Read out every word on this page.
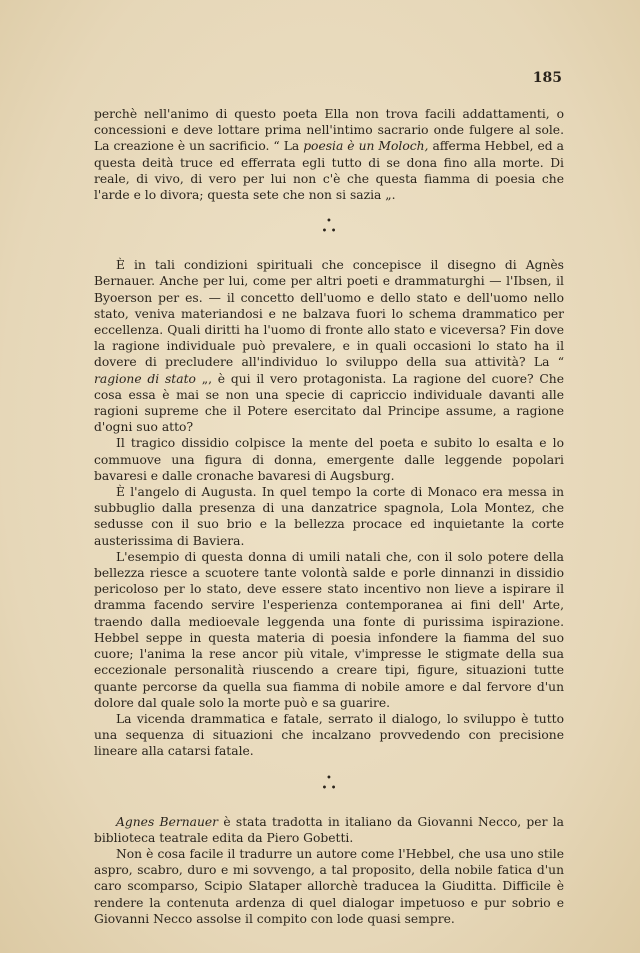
185

perchè nell'animo di questo poeta Ella non trova facili addattamenti, o concessioni e deve lottare prima nell'intimo sacrario onde fulgere al sole. La creazione è un sacrificio. “ La poesia è un Moloch, afferma Hebbel, ed a questa deità truce ed efferrata egli tutto di se dona fino alla morte. Di reale, di vivo, di vero per lui non c'è che questa fiamma di poesia che l'arde e lo divora; questa sete che non si sazia „.

•
• •

È in tali condizioni spirituali che concepisce il disegno di Agnès Bernauer. Anche per lui, come per altri poeti e drammaturghi — l'Ibsen, il Byoerson per es. — il concetto dell'uomo e dello stato e dell'uomo nello stato, veniva materiandosi e ne balzava fuori lo schema drammatico per eccellenza. Quali diritti ha l'uomo di fronte allo stato e viceversa? Fin dove la ragione individuale può prevalere, e in quali occasioni lo stato ha il dovere di precludere all'individuo lo sviluppo della sua attività? La “ ragione di stato „, è qui il vero protagonista. La ragione del cuore? Che cosa essa è mai se non una specie di capriccio individuale davanti alle ragioni supreme che il Potere esercitato dal Principe assume, a ragione d'ogni suo atto?

Il tragico dissidio colpisce la mente del poeta e subito lo esalta e lo commuove una figura di donna, emergente dalle leggende popolari bavaresi e dalle cronache bavaresi di Augsburg.

È l'angelo di Augusta. In quel tempo la corte di Monaco era messa in subbuglio dalla presenza di una danzatrice spagnola, Lola Montez, che sedusse con il suo brio e la bellezza procace ed inquietante la corte austerissima di Baviera.

L'esempio di questa donna di umili natali che, con il solo potere della bellezza riesce a scuotere tante volontà salde e porle dinnanzi in dissidio pericoloso per lo stato, deve essere stato incentivo non lieve a ispirare il dramma facendo servire l'esperienza contemporanea ai fini dell' Arte, traendo dalla medioevale leggenda una fonte di purissima ispirazione. Hebbel seppe in questa materia di poesia infondere la fiamma del suo cuore; l'anima la rese ancor più vitale, v'impresse le stigmate della sua eccezionale personalità riuscendo a creare tipi, figure, situazioni tutte quante percorse da quella sua fiamma di nobile amore e dal fervore d'un dolore dal quale solo la morte può e sa guarire.

La vicenda drammatica e fatale, serrato il dialogo, lo sviluppo è tutto una sequenza di situazioni che incalzano provvedendo con precisione lineare alla catarsi fatale.

•
• •

Agnes Bernauer è stata tradotta in italiano da Giovanni Necco, per la biblioteca teatrale edita da Piero Gobetti.

Non è cosa facile il tradurre un autore come l'Hebbel, che usa uno stile aspro, scabro, duro e mi sovvengo, a tal proposito, della nobile fatica d'un caro scomparso, Scipio Slataper allorchè traducea la Giuditta. Difficile è rendere la contenuta ardenza di quel dialogar impetuoso e pur sobrio e Giovanni Necco assolse il compito con lode quasi sempre.
